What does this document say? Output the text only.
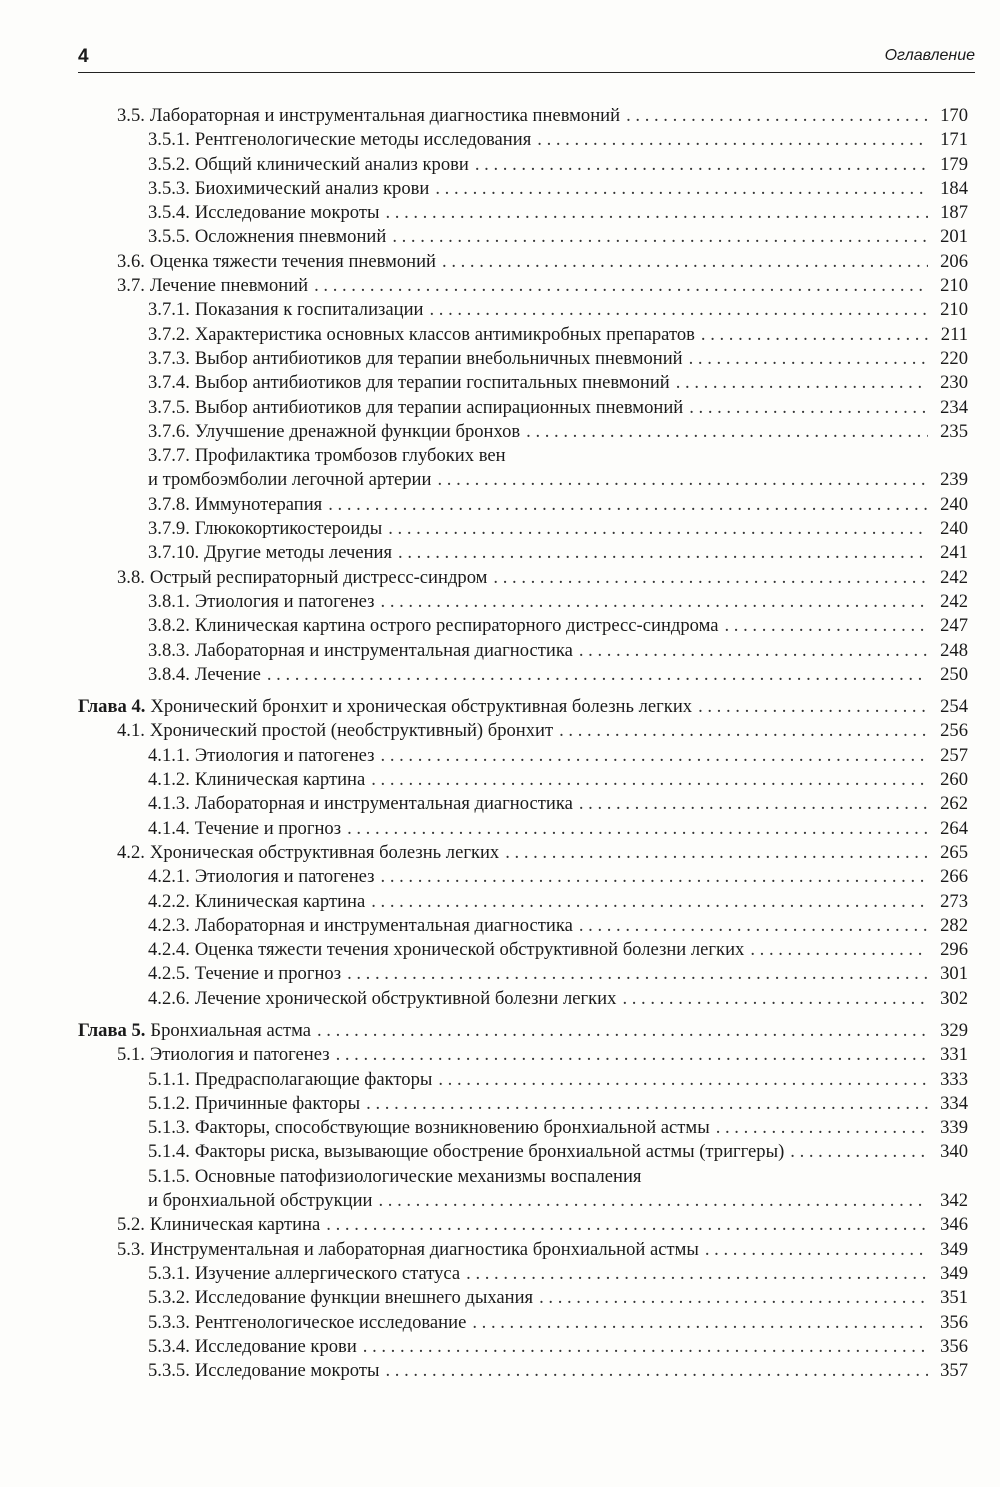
4	Оглавление
3.5. Лабораторная и инструментальная диагностика пневмоний . . .	170
3.5.1. Рентгенологические методы исследования . . .	171
3.5.2. Общий клинический анализ крови . . .	179
3.5.3. Биохимический анализ крови . . .	184
3.5.4. Исследование мокроты . . .	187
3.5.5. Осложнения пневмоний . . .	201
3.6. Оценка тяжести течения пневмоний . . .	206
3.7. Лечение пневмоний . . .	210
3.7.1. Показания к госпитализации . . .	210
3.7.2. Характеристика основных классов антимикробных препаратов . . .	211
3.7.3. Выбор антибиотиков для терапии внебольничных пневмоний . . .	220
3.7.4. Выбор антибиотиков для терапии госпитальных пневмоний . . .	230
3.7.5. Выбор антибиотиков для терапии аспирационных пневмоний . . .	234
3.7.6. Улучшение дренажной функции бронхов . . .	235
3.7.7. Профилактика тромбозов глубоких вен
и тромбоэмболии легочной артерии . . .	239
3.7.8. Иммунотерапия . . .	240
3.7.9. Глюкокортикостероиды . . .	240
3.7.10. Другие методы лечения . . .	241
3.8. Острый респираторный дистресс-синдром . . .	242
3.8.1. Этиология и патогенез . . .	242
3.8.2. Клиническая картина острого респираторного дистресс-синдрома . . .	247
3.8.3. Лабораторная и инструментальная диагностика . . .	248
3.8.4. Лечение . . .	250
Глава 4. Хронический бронхит и хроническая обструктивная болезнь легких . . .	254
4.1. Хронический простой (необструктивный) бронхит . . .	256
4.1.1. Этиология и патогенез . . .	257
4.1.2. Клиническая картина . . .	260
4.1.3. Лабораторная и инструментальная диагностика . . .	262
4.1.4. Течение и прогноз . . .	264
4.2. Хроническая обструктивная болезнь легких . . .	265
4.2.1. Этиология и патогенез . . .	266
4.2.2. Клиническая картина . . .	273
4.2.3. Лабораторная и инструментальная диагностика . . .	282
4.2.4. Оценка тяжести течения хронической обструктивной болезни легких . . .	296
4.2.5. Течение и прогноз . . .	301
4.2.6. Лечение хронической обструктивной болезни легких . . .	302
Глава 5. Бронхиальная астма . . .	329
5.1. Этиология и патогенез . . .	331
5.1.1. Предрасполагающие факторы . . .	333
5.1.2. Причинные факторы . . .	334
5.1.3. Факторы, способствующие возникновению бронхиальной астмы . . .	339
5.1.4. Факторы риска, вызывающие обострение бронхиальной астмы (триггеры) . . .	340
5.1.5. Основные патофизиологические механизмы воспаления
и бронхиальной обструкции . . .	342
5.2. Клиническая картина . . .	346
5.3. Инструментальная и лабораторная диагностика бронхиальной астмы . . .	349
5.3.1. Изучение аллергического статуса . . .	349
5.3.2. Исследование функции внешнего дыхания . . .	351
5.3.3. Рентгенологическое исследование . . .	356
5.3.4. Исследование крови . . .	356
5.3.5. Исследование мокроты . . .	357
